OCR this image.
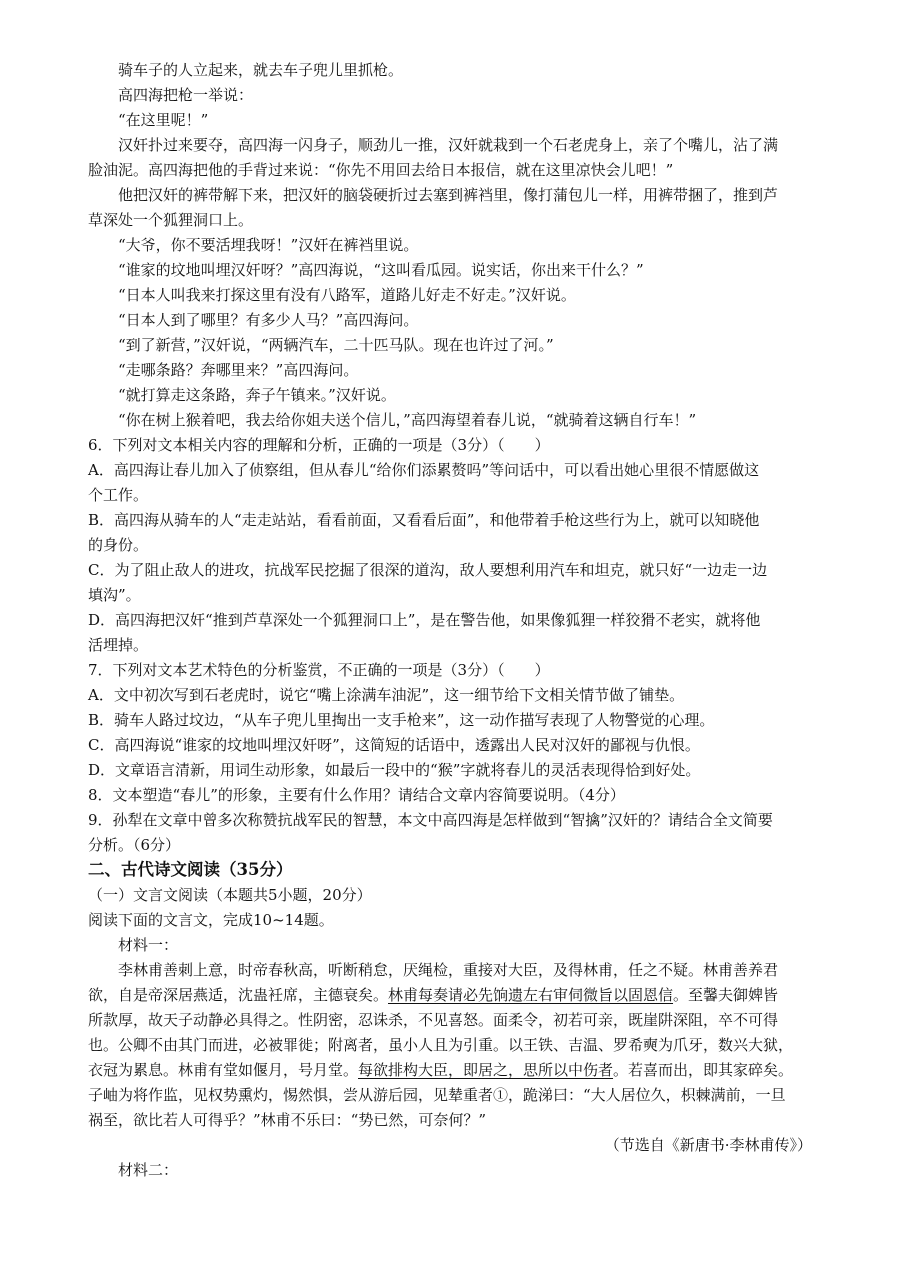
骑车子的人立起来，就去车子兜儿里抓枪。
高四海把枪一举说：
“在这里呢！”
汉奸扑过来要夺，高四海一闪身子，顺劲儿一推，汉奸就栽到一个石老虎身上，亲了个嘴儿，沾了满
脸油泥。高四海把他的手背过来说：“你先不用回去给日本报信，就在这里凉快会儿吧！”
他把汉奸的裤带解下来，把汉奸的脑袋硬折过去塞到裤裆里，像打蒲包儿一样，用裤带捆了，推到芦
草深处一个狐狸洞口上。
“大爷，你不要活埋我呀！”汉奸在裤裆里说。
“谁家的坟地叫埋汉奸呀？”高四海说，“这叫看瓜园。说实话，你出来干什么？”
“日本人叫我来打探这里有没有八路军，道路儿好走不好走。”汉奸说。
“日本人到了哪里？有多少人马？”高四海问。
“到了新营，”汉奸说，“两辆汽车，二十匹马队。现在也许过了河。”
“走哪条路？奔哪里来？”高四海问。
“就打算走这条路，奔子午镇来。”汉奸说。
“你在树上猴着吧，我去给你姐夫送个信儿，”高四海望着春儿说，“就骑着这辆自行车！”
6．下列对文本相关内容的理解和分析，正确的一项是（3分）（　　）
A．高四海让春儿加入了侦察组，但从春儿“给你们添累赘吗”等问话中，可以看出她心里很不情愿做这
个工作。
B．高四海从骑车的人“走走站站，看看前面，又看看后面”，和他带着手枪这些行为上，就可以知晓他
的身份。
C．为了阻止敌人的进攻，抗战军民挖掘了很深的道沟，敌人要想利用汽车和坦克，就只好“一边走一边
填沟”。
D．高四海把汉奸“推到芦草深处一个狐狸洞口上”，是在警告他，如果像狐狸一样狡猾不老实，就将他
活埋掉。
7．下列对文本艺术特色的分析鉴赏，不正确的一项是（3分）（　　）
A．文中初次写到石老虎时，说它“嘴上涂满车油泥”，这一细节给下文相关情节做了铺垫。
B．骑车人路过坟边，“从车子兜儿里掏出一支手枪来”，这一动作描写表现了人物警觉的心理。
C．高四海说“谁家的坟地叫埋汉奸呀”，这简短的话语中，透露出人民对汉奸的鄙视与仇恨。
D．文章语言清新，用词生动形象，如最后一段中的“猴”字就将春儿的灵活表现得恰到好处。
8．文本塑造“春儿”的形象，主要有什么作用？请结合文章内容简要说明。（4分）
9．孙犁在文章中曾多次称赞抗战军民的智慧，本文中高四海是怎样做到“智擒”汉奸的？请结合全文简要
分析。（6分）
二、古代诗文阅读（35分）
（一）文言文阅读（本题共5小题，20分）
阅读下面的文言文，完成10~14题。
材料一：
李林甫善刺上意，时帝春秋高，听断稍怠，厌绳检，重接对大臣，及得林甫，任之不疑。林甫善养君
欲，自是帝深居燕适，沈蛊衽席，主德衰矣。林甫每奏请必先饷遗左右审伺微旨以固恩信。至馨夫御婢皆
所款厚，故天子动静必具得之。性阴密，忍诛杀，不见喜怒。面柔令，初若可亲，既崖阱深阻，卒不可得
也。公卿不由其门而进，必被罪徙；附离者，虽小人且为引重。以王铁、吉温、罗希奭为爪牙，数兴大狱，
衣冠为累息。林甫有堂如偃月，号月堂。每欲排构大臣，即居之，思所以中伤者。若喜而出，即其家碎矣。
子岫为将作监，见权势熏灼，惕然惧，尝从游后园，见辇重者①，跪涕曰：“大人居位久，枳棘满前，一旦
祸至，欲比若人可得乎？”林甫不乐曰：“势已然，可奈何？”
（节选自《新唐书·李林甫传》）
材料二：
